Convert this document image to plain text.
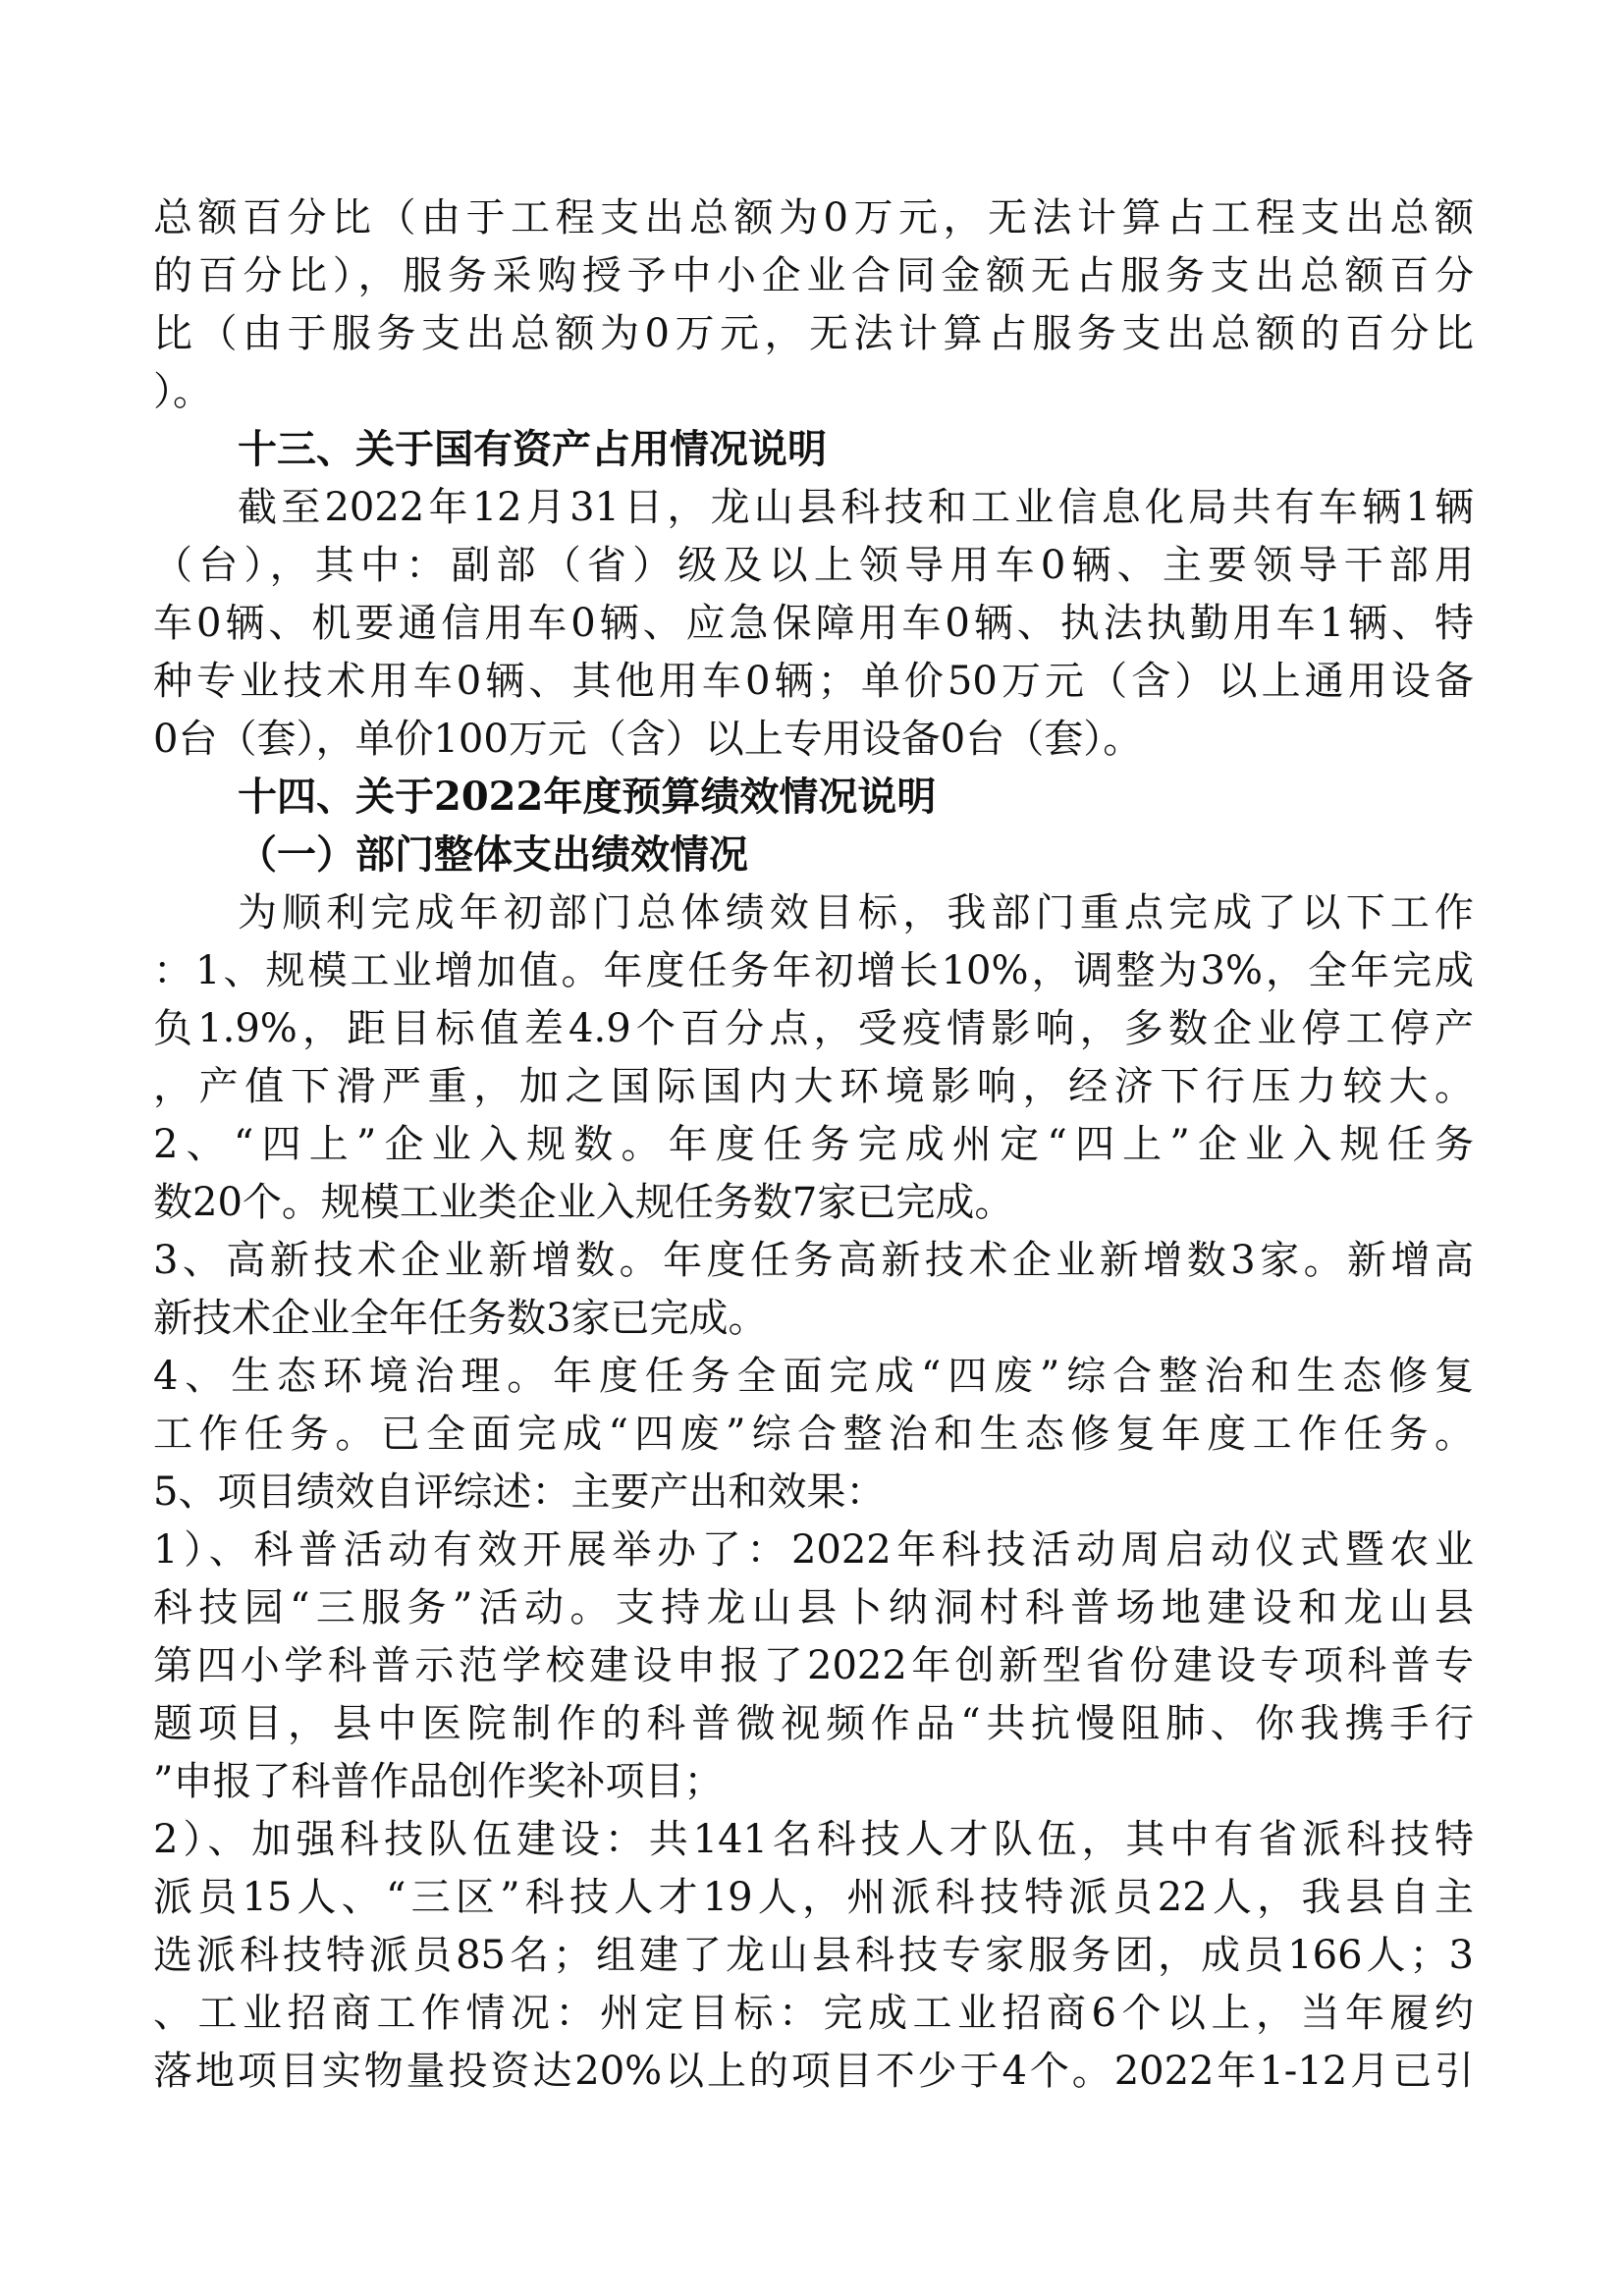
总额百分比（由于工程支出总额为0万元，无法计算占工程支出总额
的百分比），服务采购授予中小企业合同金额无占服务支出总额百分
比（由于服务支出总额为0万元，无法计算占服务支出总额的百分比
）。
十三、关于国有资产占用情况说明
截至2022年12月31日，龙山县科技和工业信息化局共有车辆1辆
（台），其中：副部（省）级及以上领导用车0辆、主要领导干部用
车0辆、机要通信用车0辆、应急保障用车0辆、执法执勤用车1辆、特
种专业技术用车0辆、其他用车0辆；单价50万元（含）以上通用设备
0台（套），单价100万元（含）以上专用设备0台（套）。
十四、关于2022年度预算绩效情况说明
（一）部门整体支出绩效情况
为顺利完成年初部门总体绩效目标，我部门重点完成了以下工作
：1、规模工业增加值。年度任务年初增长10%，调整为3%，全年完成
负1.9%，距目标值差4.9个百分点，受疫情影响，多数企业停工停产
，产值下滑严重，加之国际国内大环境影响，经济下行压力较大。
2、“四上”企业入规数。年度任务完成州定“四上”企业入规任务
数20个。规模工业类企业入规任务数7家已完成。
3、高新技术企业新增数。年度任务高新技术企业新增数3家。新增高
新技术企业全年任务数3家已完成。
4、生态环境治理。年度任务全面完成“四废”综合整治和生态修复
工作任务。已全面完成“四废”综合整治和生态修复年度工作任务。
5、项目绩效自评综述：主要产出和效果：
1）、科普活动有效开展举办了：2022年科技活动周启动仪式暨农业
科技园“三服务”活动。支持龙山县卜纳洞村科普场地建设和龙山县
第四小学科普示范学校建设申报了2022年创新型省份建设专项科普专
题项目，县中医院制作的科普微视频作品“共抗慢阻肺、你我携手行
”申报了科普作品创作奖补项目；
2）、加强科技队伍建设：共141名科技人才队伍，其中有省派科技特
派员15人、“三区”科技人才19人，州派科技特派员22人，我县自主
选派科技特派员85名；组建了龙山县科技专家服务团，成员166人；3
、工业招商工作情况：州定目标：完成工业招商6个以上，当年履约
落地项目实物量投资达20%以上的项目不少于4个。2022年1-12月已引
